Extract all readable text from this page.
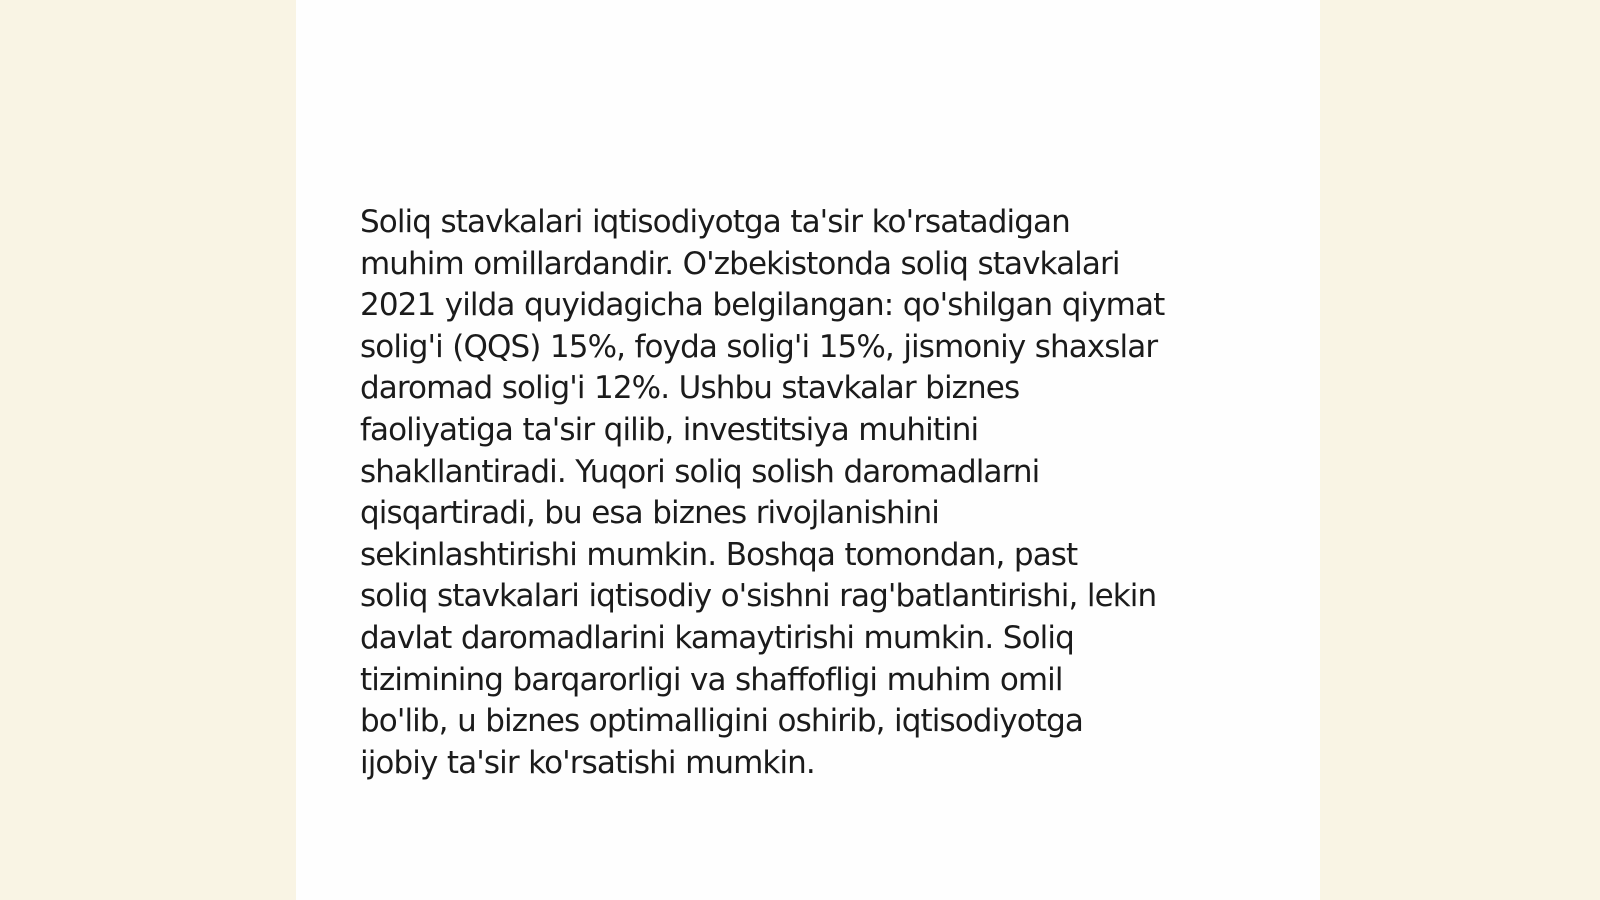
Soliq stavkalari iqtisodiyotga ta'sir ko'rsatadigan
muhim omillardandir. O'zbekistonda soliq stavkalari
2021 yilda quyidagicha belgilangan: qo'shilgan qiymat
solig'i (QQS) 15%, foyda solig'i 15%, jismoniy shaxslar
daromad solig'i 12%. Ushbu stavkalar biznes
faoliyatiga ta'sir qilib, investitsiya muhitini
shakllantiradi. Yuqori soliq solish daromadlarni
qisqartiradi, bu esa biznes rivojlanishini
sekinlashtirishi mumkin. Boshqa tomondan, past
soliq stavkalari iqtisodiy o'sishni rag'batlantirishi, lekin
davlat daromadlarini kamaytirishi mumkin. Soliq
tizimining barqarorligi va shaffofligi muhim omil
bo'lib, u biznes optimalligini oshirib, iqtisodiyotga
ijobiy ta'sir ko'rsatishi mumkin.
